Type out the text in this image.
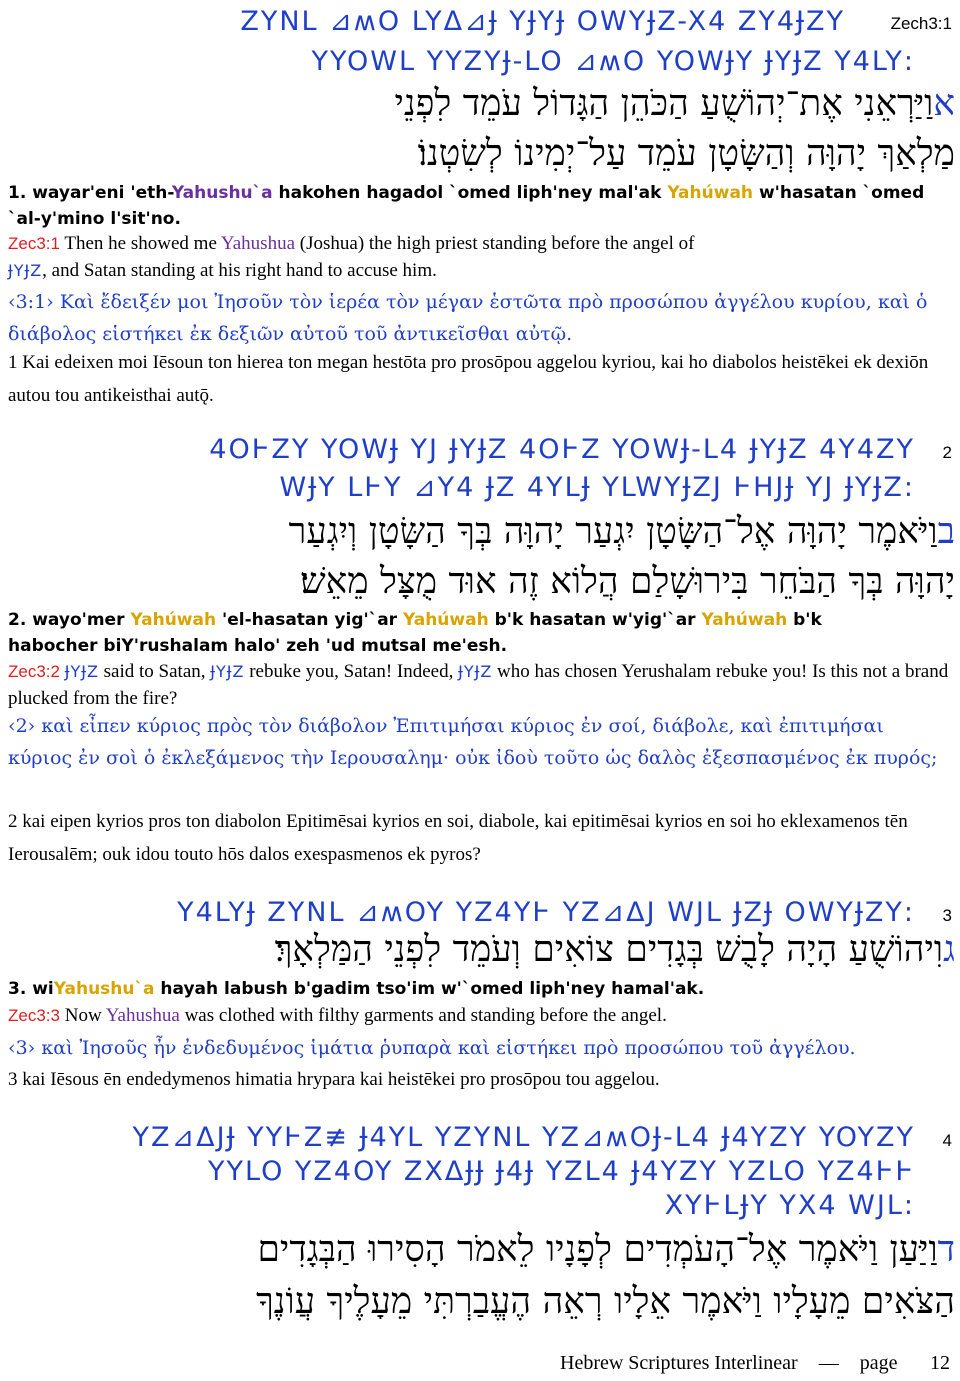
Zech3:1
ZYNL ⊿ʍO LYΔ⊿Ɉ YɈYɈ OWYɈZ-X4 ZY4ɈZY
:YYOWL YYZYɈ-LO ⊿ʍO YOWɈY ɈYɈZ Y4LY
אוַיַּרְאֵנִי אֶת־יְהוֹשֻׁעַ הַכֹּהֵן הַגָּדוֹל עֹמֵד לִפְנֵי
מַלְאַךְ יָהוָּה וְהַשָּׂטָן עֹמֵד עַל־יְמִינוֹ לְשִׂטְנוֹ׃
1. wayar'eni 'eth-Yahushu`a hakohen hagadol `omed liph'ney mal'ak Yahúwah w'hasatan `omed `al-y'mino l'sit'no.
Zec3:1 Then he showed me Yahushua (Joshua) the high priest standing before the angel of
ɈYɈZ, and Satan standing at his right hand to accuse him.
‹3:1› Καὶ ἔδειξέν μοι Ἰησοῦν τὸν ἱερέα τὸν μέγαν ἑστῶτα πρὸ προσώπου ἀγγέλου κυρίου, καὶ ὁ διάβολος εἱστήκει ἐκ δεξιῶν αὐτοῦ τοῦ ἀντικεῖσθαι αὐτῷ.
1 Kai edeixen moi Iēsoun ton hierea ton megan hestōta pro prosōpou aggelou kyriou, kai ho diabolos heistēkei ek dexiōn autou tou antikeisthai autǭ.
2
4OⱵZY YOWɈ YJ ɈYɈZ 4OⱵZ YOWɈ-L4 ɈYɈZ 4Y4ZY
:WɈY LⱵY ⊿Y4 ɈZ 4YLɈ YLWYɈZJ ⱵHJɈ YJ ɈYɈZ
בוַיֹּאמֶר יָהוָּה אֶל־הַשָּׂטָן יִגְעַר יָהוָּה בְּךָ הַשָּׂטָן וְיִגְעַר
יָהוָּה בְּךָ הַבֹּחֵר בִּירוּשָׁלַם הֲלוֹא זֶה אוּד מֻצָּל מֵאֵשׁ׃
2. wayo'mer Yahúwah 'el-hasatan yig'`ar Yahúwah b'k hasatan w'yig'`ar Yahúwah b'k
habocher biY'rushalam halo' zeh 'ud mutsal me'esh.
Zec3:2 ɈYɈZ said to Satan, ɈYɈZ rebuke you, Satan! Indeed, ɈYɈZ who has chosen Yerushalam rebuke you! Is this not a brand plucked from the fire?
‹2› καὶ εἶπεν κύριος πρὸς τὸν διάβολον Ἐπιτιμήσαι κύριος ἐν σοί, διάβολε, καὶ ἐπιτιμήσαι κύριος ἐν σοὶ ὁ ἐκλεξάμενος τὴν Ιερουσαλημ· οὐκ ἰδοὺ τοῦτο ὡς δαλὸς ἐξεσπασμένος ἐκ πυρός;
2 kai eipen kyrios pros ton diabolon Epitimēsai kyrios en soi, diabole, kai epitimēsai kyrios en soi ho eklexamenos tēn Ierousalēm; ouk idou touto hōs dalos exespasmenos ek pyros?
3
:Y4LYɈ ZYNL ⊿ʍOY YZ4YⱵ YZ⊿ΔJ WJL ɈZɈ OWYɈZY
גוִיהוֹשֻׁעַ הָיָה לָבֻשׁ בְּגָדִים צוֹאִים וְעֹמֵד לִפְנֵי הַמַּלְאָךְ׃
3. wiYahushu`a hayah labush b'gadim tso'im w'`omed liph'ney hamal'ak.
Zec3:3 Now Yahushua was clothed with filthy garments and standing before the angel.
‹3› καὶ Ἰησοῦς ἦν ἐνδεδυμένος ἱμάτια ῥυπαρὰ καὶ εἱστήκει πρὸ προσώπου τοῦ ἀγγέλου.
3 kai Iēsous ēn endedymenos himatia hrypara kai heistēkei pro prosōpou tou aggelou.
4
YZ⊿ΔJɈ YYⱵZ≢ Ɉ4YL YZYNL YZ⊿ʍOɈ-L4 Ɉ4YZY YOYZY
YYLO YZ4OY ZXΔɈɈ Ɉ4Ɉ YZL4 Ɉ4YZY YZLO YZ4ⱵⱵ
:XYⱵLɈY YX4 WJL
דוַיַּעַן וַיֹּאמֶר אֶל־הָעֹמְדִים לְפָנָיו לֵאמֹר הָסִירוּ הַבְּגָדִים
הַצֹּאִים מֵעָלָיו וַיֹּאמֶר אֵלָיו רְאֵה הֶעֱבַרְתִּי מֵעָלֶיךָ עֲוֹנֶךָ
Hebrew Scriptures Interlinear — page 12
